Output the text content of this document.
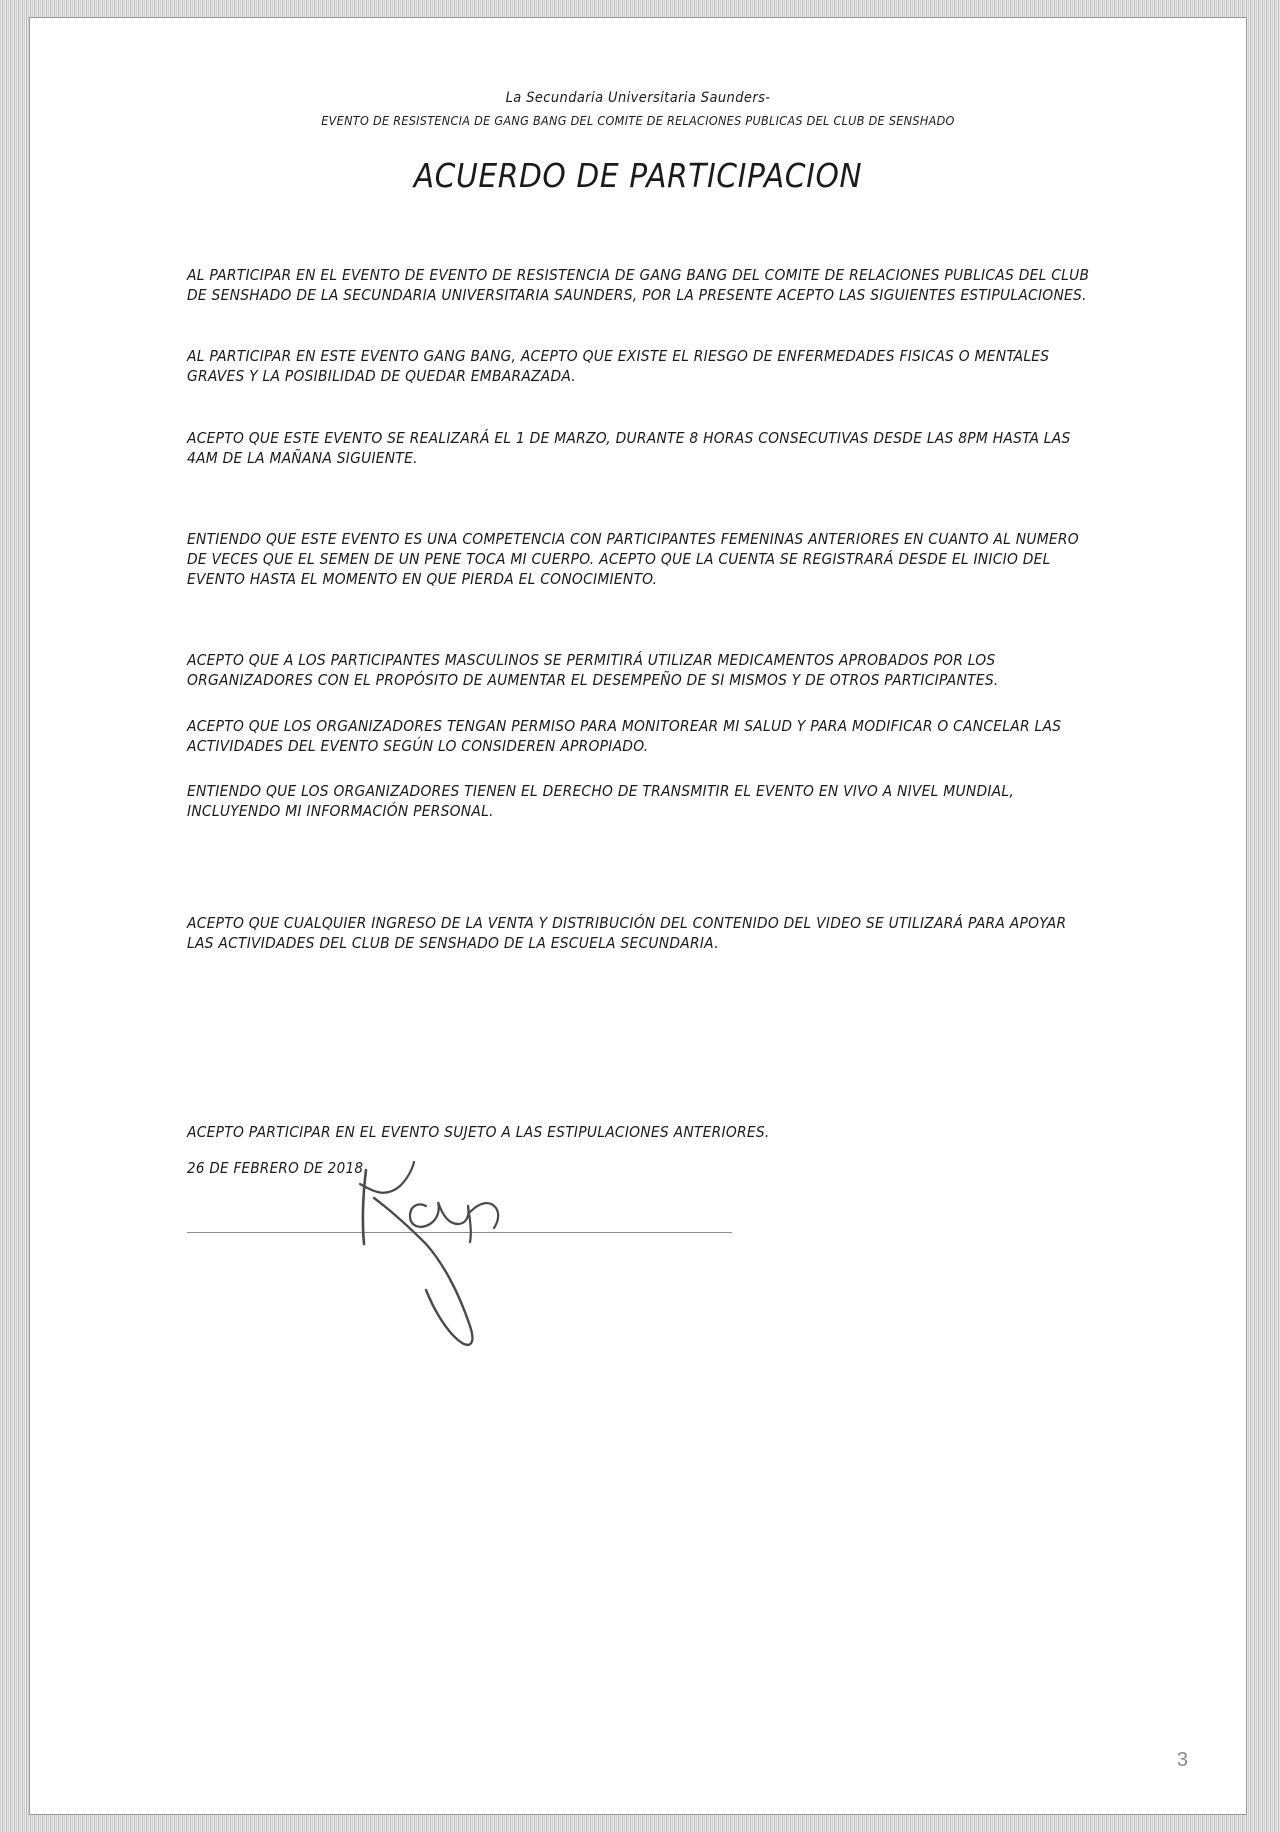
La Secundaria Universitaria Saunders-
EVENTO DE RESISTENCIA DE GANG BANG DEL COMITE DE RELACIONES PUBLICAS DEL CLUB DE SENSHADO
ACUERDO DE PARTICIPACION
AL PARTICIPAR EN EL EVENTO DE EVENTO DE RESISTENCIA DE GANG BANG DEL COMITE DE RELACIONES PUBLICAS DEL CLUB DE SENSHADO DE LA SECUNDARIA UNIVERSITARIA SAUNDERS, POR LA PRESENTE ACEPTO LAS SIGUIENTES ESTIPULACIONES.
AL PARTICIPAR EN ESTE EVENTO GANG BANG, ACEPTO QUE EXISTE EL RIESGO DE ENFERMEDADES FISICAS O MENTALES GRAVES Y LA POSIBILIDAD DE QUEDAR EMBARAZADA.
ACEPTO QUE ESTE EVENTO SE REALIZARÁ EL 1 DE MARZO, DURANTE 8 HORAS CONSECUTIVAS DESDE LAS 8PM HASTA LAS 4AM DE LA MAÑANA SIGUIENTE.
ENTIENDO QUE ESTE EVENTO ES UNA COMPETENCIA CON PARTICIPANTES FEMENINAS ANTERIORES EN CUANTO AL NUMERO DE VECES QUE EL SEMEN DE UN PENE TOCA MI CUERPO. ACEPTO QUE LA CUENTA SE REGISTRARÁ DESDE EL INICIO DEL EVENTO HASTA EL MOMENTO EN QUE PIERDA EL CONOCIMIENTO.
ACEPTO QUE A LOS PARTICIPANTES MASCULINOS SE PERMITIRÁ UTILIZAR MEDICAMENTOS APROBADOS POR LOS ORGANIZADORES CON EL PROPÓSITO DE AUMENTAR EL DESEMPEÑO DE SI MISMOS Y DE OTROS PARTICIPANTES.
ACEPTO QUE LOS ORGANIZADORES TENGAN PERMISO PARA MONITOREAR MI SALUD Y PARA MODIFICAR O CANCELAR LAS ACTIVIDADES DEL EVENTO SEGÚN LO CONSIDEREN APROPIADO.
ENTIENDO QUE LOS ORGANIZADORES TIENEN EL DERECHO DE TRANSMITIR EL EVENTO EN VIVO A NIVEL MUNDIAL, INCLUYENDO MI INFORMACIÓN PERSONAL.
ACEPTO QUE CUALQUIER INGRESO DE LA VENTA Y DISTRIBUCIÓN DEL CONTENIDO DEL VIDEO SE UTILIZARÁ PARA APOYAR LAS ACTIVIDADES DEL CLUB DE SENSHADO DE LA ESCUELA SECUNDARIA.
ACEPTO PARTICIPAR EN EL EVENTO SUJETO A LAS ESTIPULACIONES ANTERIORES.
26 DE FEBRERO DE 2018
3
